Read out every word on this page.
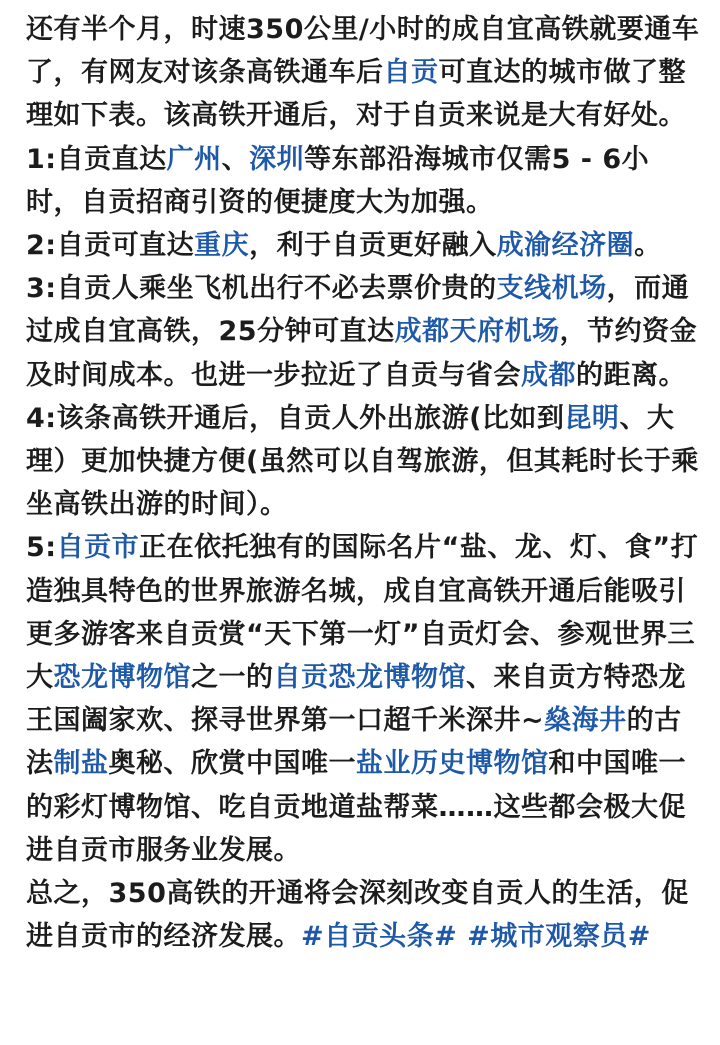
还有半个月，时速350公里/小时的成自宜高铁就要通车了，有网友对该条高铁通车后自贡可直达的城市做了整理如下表。该高铁开通后，对于自贡来说是大有好处。

1:自贡直达广州、深圳等东部沿海城市仅需5 - 6小时，自贡招商引资的便捷度大为加强。

2:自贡可直达重庆，利于自贡更好融入成渝经济圈。

3:自贡人乘坐飞机出行不必去票价贵的支线机场，而通过成自宜高铁，25分钟可直达成都天府机场，节约资金及时间成本。也进一步拉近了自贡与省会成都的距离。

4:该条高铁开通后，自贡人外出旅游(比如到昆明、大理）更加快捷方便(虽然可以自驾旅游，但其耗时长于乘坐高铁出游的时间）。

5:自贡市正在依托独有的国际名片“盐、龙、灯、食”打造独具特色的世界旅游名城，成自宜高铁开通后能吸引更多游客来自贡赏“天下第一灯”自贡灯会、参观世界三大恐龙博物馆之一的自贡恐龙博物馆、来自贡方特恐龙王国阖家欢、探寻世界第一口超千米深井~燊海井的古法制盐奥秘、欣赏中国唯一盐业历史博物馆和中国唯一的彩灯博物馆、吃自贡地道盐帮菜……这些都会极大促进自贡市服务业发展。

总之，350高铁的开通将会深刻改变自贡人的生活，促进自贡市的经济发展。#自贡头条# #城市观察员#
